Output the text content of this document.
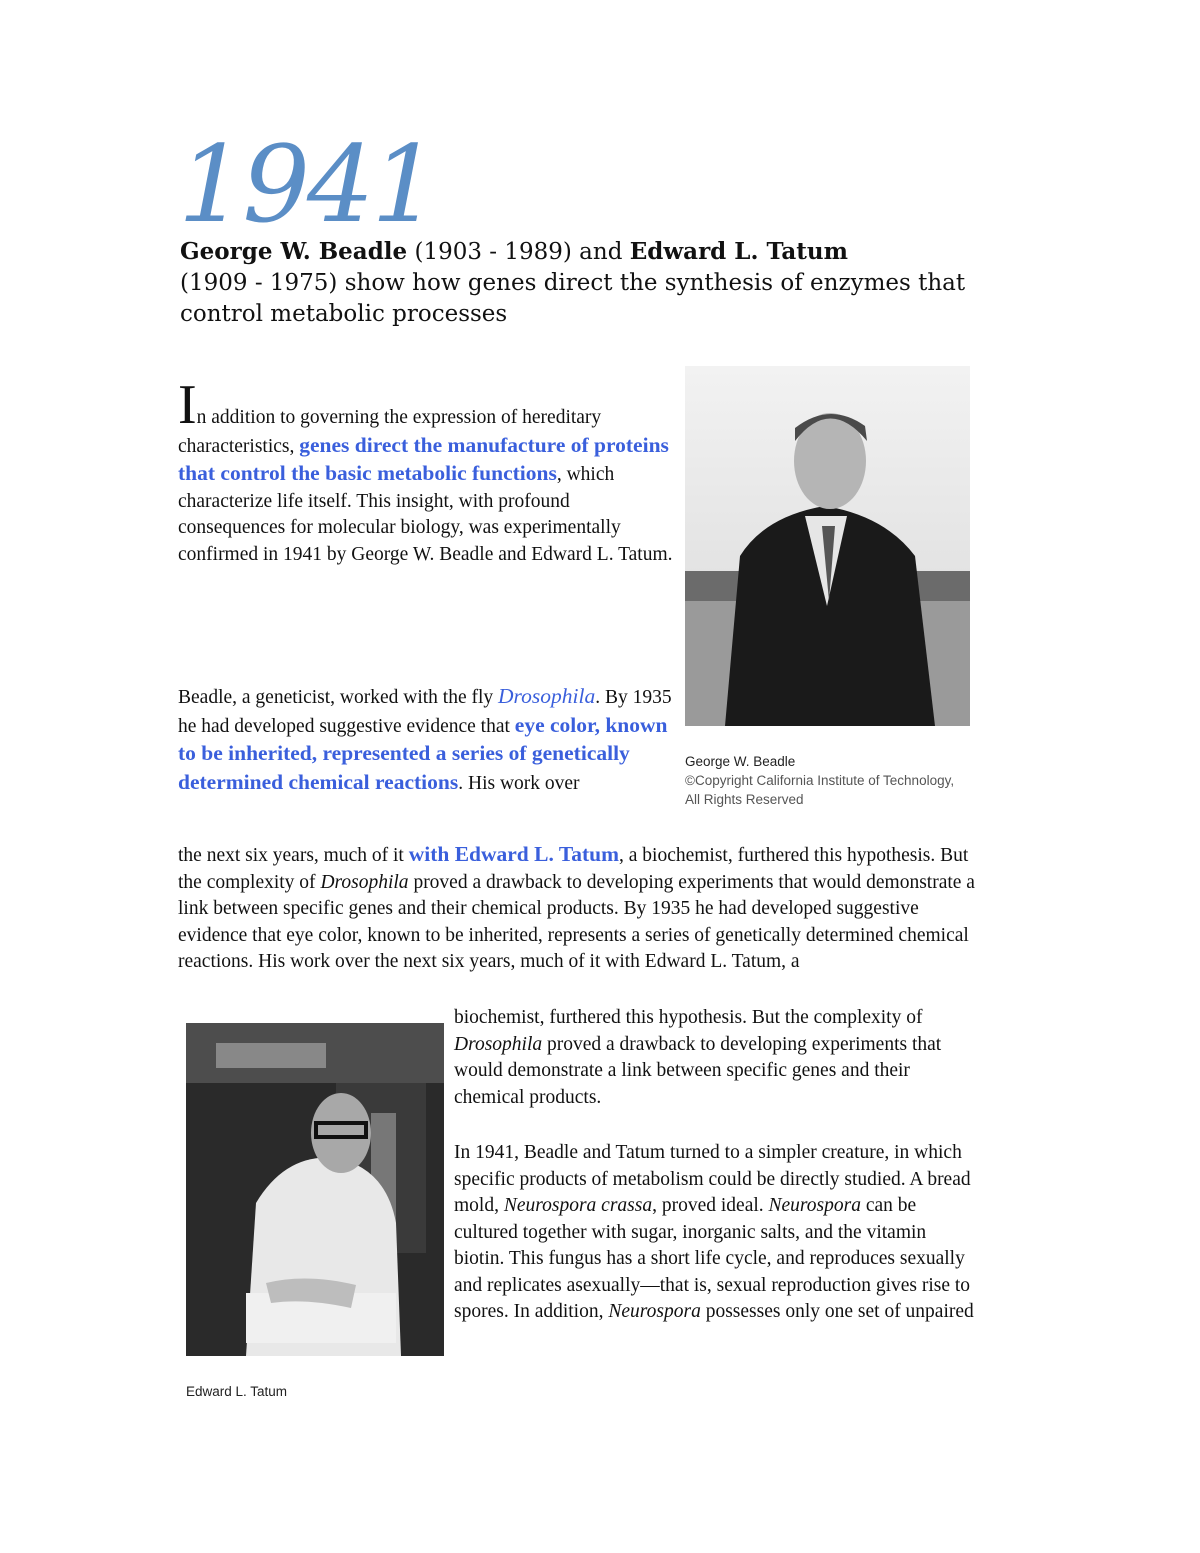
1941
George W. Beadle (1903 - 1989) and Edward L. Tatum
(1909 - 1975) show how genes direct the synthesis of enzymes that control metabolic processes
In addition to governing the expression of hereditary characteristics, genes direct the manufacture of proteins that control the basic metabolic functions, which characterize life itself. This insight, with profound consequences for molecular biology, was experimentally confirmed in 1941 by George W. Beadle and Edward L. Tatum.
George W. Beadle
©Copyright California Institute of Technology, All Rights Reserved
Beadle, a geneticist, worked with the fly Drosophila. By 1935 he had developed suggestive evidence that eye color, known to be inherited, represented a series of genetically determined chemical reactions. His work over
the next six years, much of it with Edward L. Tatum, a biochemist, furthered this hypothesis. But the complexity of Drosophila proved a drawback to developing experiments that would demonstrate a link between specific genes and their chemical products. By 1935 he had developed suggestive evidence that eye color, known to be inherited, represents a series of genetically determined chemical reactions. His work over the next six years, much of it with Edward L. Tatum, a
Edward L. Tatum
biochemist, furthered this hypothesis. But the complexity of Drosophila proved a drawback to developing experiments that would demonstrate a link between specific genes and their chemical products.
In 1941, Beadle and Tatum turned to a simpler creature, in which specific products of metabolism could be directly studied. A bread mold, Neurospora crassa, proved ideal. Neurospora can be cultured together with sugar, inorganic salts, and the vitamin biotin. This fungus has a short life cycle, and reproduces sexually and replicates asexually—that is, sexual reproduction gives rise to spores. In addition, Neurospora possesses only one set of unpaired
